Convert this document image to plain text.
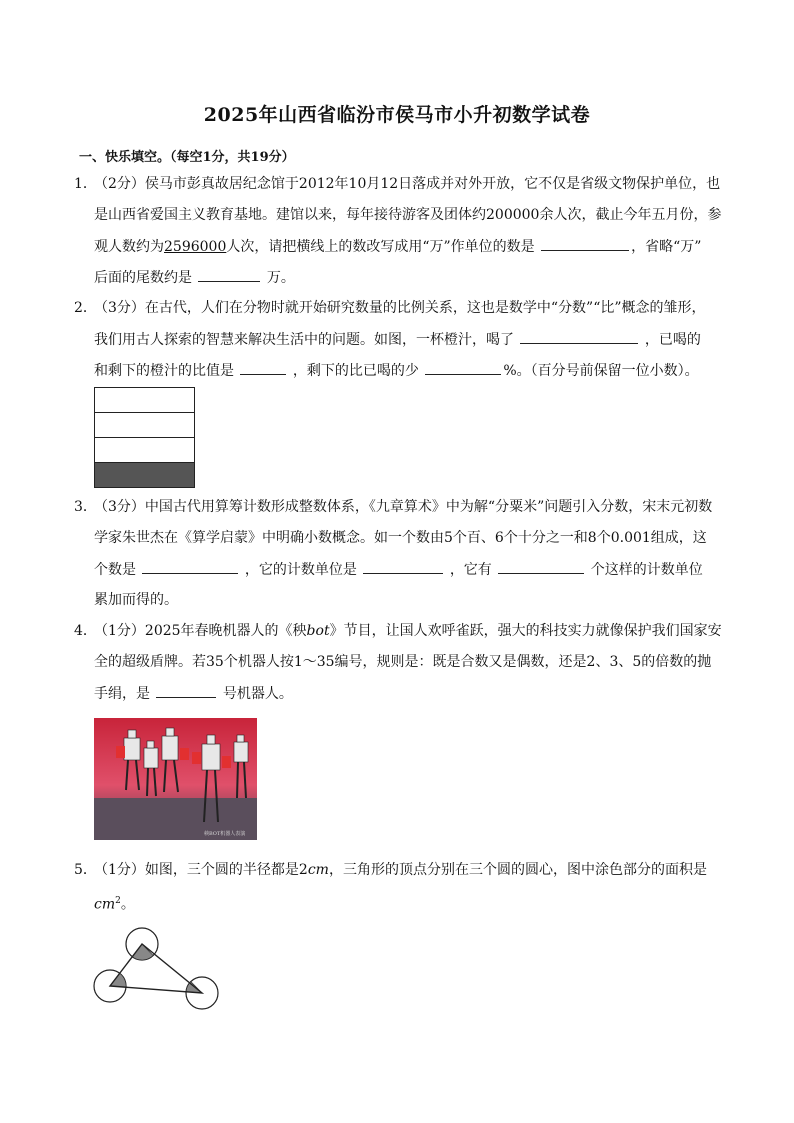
2025年山西省临汾市侯马市小升初数学试卷
一、快乐填空。（每空1分，共19分）
1．（2分）侯马市彭真故居纪念馆于2012年10月12日落成并对外开放，它不仅是省级文物保护单位，也
是山西省爱国主义教育基地。建馆以来，每年接待游客及团体约200000余人次，截止今年五月份，参
观人数约为2596000人次，请把横线上的数改写成用“万”作单位的数是	，省略“万”
后面的尾数约是	万。
2．（3分）在古代，人们在分物时就开始研究数量的比例关系，这也是数学中“分数”“比”概念的雏形，
我们用古人探索的智慧来解决生活中的问题。如图，一杯橙汁，喝了	，已喝的
和剩下的橙汁的比值是	，剩下的比已喝的少	%。（百分号前保留一位小数）。
3．（3分）中国古代用算筹计数形成整数体系，《九章算术》中为解“分粟米”问题引入分数，宋末元初数
学家朱世杰在《算学启蒙》中明确小数概念。如一个数由5个百、6个十分之一和8个0.001组成，这
个数是	，它的计数单位是	，它有	个这样的计数单位
累加而得的。
4．（1分）2025年春晚机器人的《秧bot》节目，让国人欢呼雀跃，强大的科技实力就像保护我们国家安
全的超级盾牌。若35个机器人按1～35编号，规则是：既是合数又是偶数，还是2、3、5的倍数的抛
手绢，是	号机器人。
秧BOT机器人表演
5．（1分）如图，三个圆的半径都是2cm，三角形的顶点分别在三个圆的圆心，图中涂色部分的面积是
$cm^2$。
